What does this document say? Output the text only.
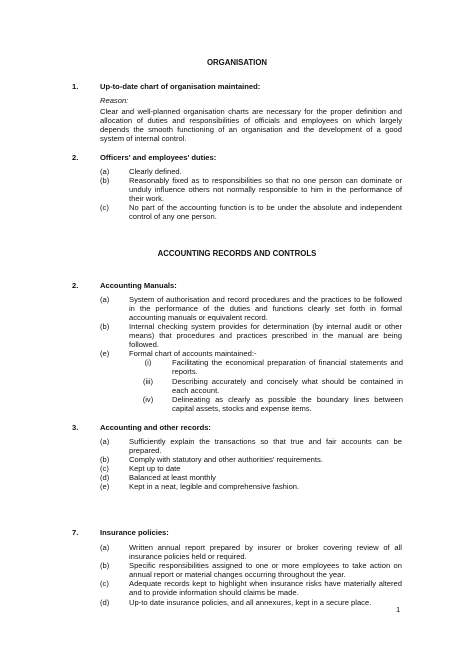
ORGANISATION
1.	Up-to-date chart of organisation maintained:
Reason:
Clear and well-planned organisation charts are necessary for the proper definition and allocation of duties and responsibilities of officials and employees on which largely depends the smooth functioning of an organisation and the development of a good system of internal control.
2.	Officers' and employees' duties:
(a)	Clearly defined.
(b)	Reasonably fixed as to responsibilities so that no one person can dominate or unduly influence others not normally responsible to him in the performance of their work.
(c)	No part of the accounting function is to be under the absolute and independent control of any one person.
ACCOUNTING RECORDS AND CONTROLS
2.	Accounting Manuals:
(a)	System of authorisation and record procedures and the practices to be followed in the performance of the duties and functions clearly set forth in formal accounting manuals or equivalent record.
(b)	Internal checking system provides for determination (by internal audit or other means) that procedures and practices prescribed in the manual are being followed.
(e)	Formal chart of accounts maintained:-
(i)	Facilitating the economical preparation of financial statements and reports.
(iii)	Describing accurately and concisely what should be contained in each account.
(iv)	Delineating as clearly as possible the boundary lines between capital assets, stocks and expense items.
3.	Accounting and other records:
(a)	Sufficiently explain the transactions so that true and fair accounts can be prepared.
(b)	Comply with statutory and other authorities' requirements.
(c)	Kept up to date
(d)	Balanced at least monthly
(e)	Kept in a neat, legible and comprehensive fashion.
7.	Insurance policies:
(a)	Written annual report prepared by insurer or broker covering review of all insurance policies held or required.
(b)	Specific responsibilities assigned to one or more employees to take action on annual report or material changes occurring throughout the year.
(c)	Adequate records kept to highlight when insurance risks have materially altered and to provide information should claims be made.
(d)	Up-to date insurance policies, and all annexures, kept in a secure place.
1
